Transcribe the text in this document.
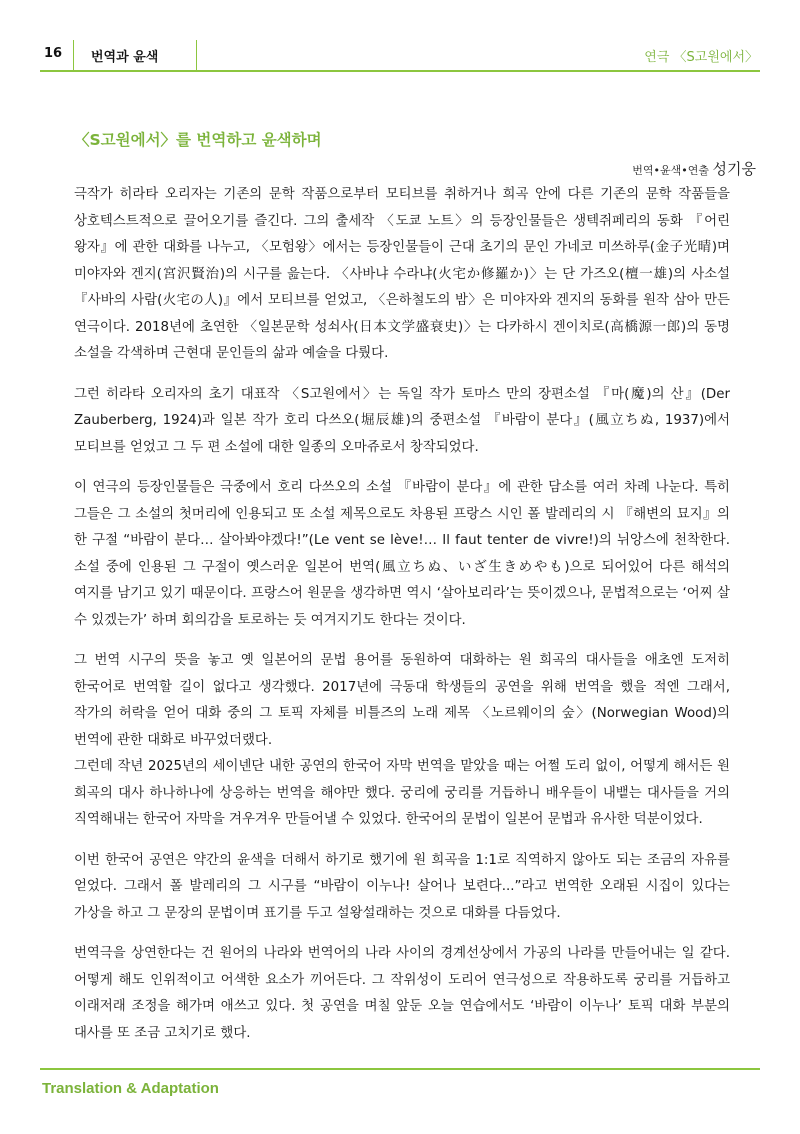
16 번역과 윤색	연극 〈S고원에서〉
〈S고원에서〉를 번역하고 윤색하며
번역•윤색•연출 성기웅

극작가 히라타 오리자는 기존의 문학 작품으로부터 모티브를 취하거나 희곡 안에 다른 기존의 문학 작품들을 상호텍스트적으로 끌어오기를 즐긴다. 그의 출세작 〈도쿄 노트〉의 등장인물들은 생텍쥐페리의 동화 『어린 왕자』에 관한 대화를 나누고, 〈모험왕〉에서는 등장인물들이 근대 초기의 문인 가네코 미쓰하루(金子光晴)며 미야자와 겐지(宮沢賢治)의 시구를 읊는다. 〈사바냐 수라냐(火宅か修羅か)〉는 단 가즈오(檀一雄)의 사소설 『사바의 사람(火宅の人)』에서 모티브를 얻었고, 〈은하철도의 밤〉은 미야자와 겐지의 동화를 원작 삼아 만든 연극이다. 2018년에 초연한 〈일본문학 성쇠사(日本文学盛衰史)〉는 다카하시 겐이치로(高橋源一郎)의 동명 소설을 각색하며 근현대 문인들의 삶과 예술을 다뤘다.

그런 히라타 오리자의 초기 대표작 〈S고원에서〉는 독일 작가 토마스 만의 장편소설 『마(魔)의 산』(Der Zauberberg, 1924)과 일본 작가 호리 다쓰오(堀辰雄)의 중편소설 『바람이 분다』(風立ちぬ, 1937)에서 모티브를 얻었고 그 두 편 소설에 대한 일종의 오마쥬로서 창작되었다.

이 연극의 등장인물들은 극중에서 호리 다쓰오의 소설 『바람이 분다』에 관한 담소를 여러 차례 나눈다. 특히 그들은 그 소설의 첫머리에 인용되고 또 소설 제목으로도 차용된 프랑스 시인 폴 발레리의 시 『해변의 묘지』의 한 구절 “바람이 분다… 살아봐야겠다!”(Le vent se lève!… Il faut tenter de vivre!)의 뉘앙스에 천착한다. 소설 중에 인용된 그 구절이 옛스러운 일본어 번역(風立ちぬ、いざ生きめやも)으로 되어있어 다른 해석의 여지를 남기고 있기 때문이다. 프랑스어 원문을 생각하면 역시 ‘살아보리라’는 뜻이겠으나, 문법적으로는 ‘어찌 살 수 있겠는가’ 하며 회의감을 토로하는 듯 여겨지기도 한다는 것이다.

그 번역 시구의 뜻을 놓고 옛 일본어의 문법 용어를 동원하여 대화하는 원 희곡의 대사들을 애초엔 도저히 한국어로 번역할 길이 없다고 생각했다. 2017년에 극동대 학생들의 공연을 위해 번역을 했을 적엔 그래서, 작가의 허락을 얻어 대화 중의 그 토픽 자체를 비틀즈의 노래 제목 〈노르웨이의 숲〉(Norwegian Wood)의 번역에 관한 대화로 바꾸었더랬다.

그런데 작년 2025년의 세이넨단 내한 공연의 한국어 자막 번역을 맡았을 때는 어쩔 도리 없이, 어떻게 해서든 원 희곡의 대사 하나하나에 상응하는 번역을 해야만 했다. 궁리에 궁리를 거듭하니 배우들이 내뱉는 대사들을 거의 직역해내는 한국어 자막을 겨우겨우 만들어낼 수 있었다. 한국어의 문법이 일본어 문법과 유사한 덕분이었다.

이번 한국어 공연은 약간의 윤색을 더해서 하기로 했기에 원 희곡을 1:1로 직역하지 않아도 되는 조금의 자유를 얻었다. 그래서 폴 발레리의 그 시구를 “바람이 이누나! 살어나 보련다...”라고 번역한 오래된 시집이 있다는 가상을 하고 그 문장의 문법이며 표기를 두고 설왕설래하는 것으로 대화를 다듬었다.

번역극을 상연한다는 건 원어의 나라와 번역어의 나라 사이의 경계선상에서 가공의 나라를 만들어내는 일 같다. 어떻게 해도 인위적이고 어색한 요소가 끼어든다. 그 작위성이 도리어 연극성으로 작용하도록 궁리를 거듭하고 이래저래 조정을 해가며 애쓰고 있다. 첫 공연을 며칠 앞둔 오늘 연습에서도 ‘바람이 이누나’ 토픽 대화 부분의 대사를 또 조금 고치기로 했다.

Translation & Adaptation
